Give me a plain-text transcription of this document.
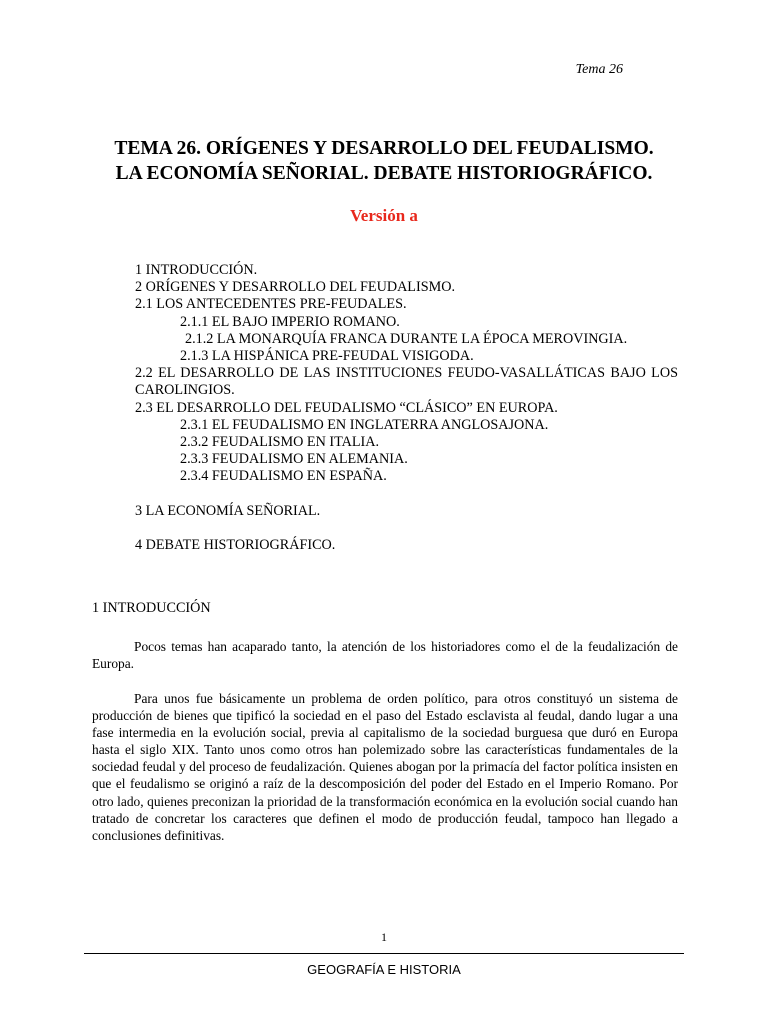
Tema 26
TEMA 26. ORÍGENES Y DESARROLLO DEL FEUDALISMO.
LA ECONOMÍA SEÑORIAL. DEBATE HISTORIOGRÁFICO.
Versión a
1 INTRODUCCIÓN.
2 ORÍGENES Y DESARROLLO DEL FEUDALISMO.
2.1 LOS ANTECEDENTES PRE-FEUDALES.
2.1.1 EL BAJO IMPERIO ROMANO.
2.1.2 LA MONARQUÍA FRANCA DURANTE LA ÉPOCA MEROVINGIA.
2.1.3 LA HISPÁNICA PRE-FEUDAL VISIGODA.
2.2 EL DESARROLLO DE LAS INSTITUCIONES FEUDO-VASALLÁTICAS BAJO LOS CAROLINGIOS.
2.3 EL DESARROLLO DEL FEUDALISMO “CLÁSICO” EN EUROPA.
2.3.1 EL FEUDALISMO EN INGLATERRA ANGLOSAJONA.
2.3.2 FEUDALISMO EN ITALIA.
2.3.3 FEUDALISMO EN ALEMANIA.
2.3.4 FEUDALISMO EN ESPAÑA.
3 LA ECONOMÍA SEÑORIAL.
4 DEBATE HISTORIOGRÁFICO.
1 INTRODUCCIÓN

Pocos temas han acaparado tanto, la atención de los historiadores como el de la feudalización de Europa.

Para unos fue básicamente un problema de orden político, para otros constituyó un sistema de producción de bienes que tipificó la sociedad en el paso del Estado esclavista al feudal, dando lugar a una fase intermedia en la evolución social, previa al capitalismo de la sociedad burguesa que duró en Europa hasta el siglo XIX. Tanto unos como otros han polemizado sobre las características fundamentales de la sociedad feudal y del proceso de feudalización. Quienes abogan por la primacía del factor política insisten en que el feudalismo se originó a raíz de la descomposición del poder del Estado en el Imperio Romano. Por otro lado, quienes preconizan la prioridad de la transformación económica en la evolución social cuando han tratado de concretar los caracteres que definen el modo de producción feudal, tampoco han llegado a conclusiones definitivas.

1
GEOGRAFÍA E HISTORIA
